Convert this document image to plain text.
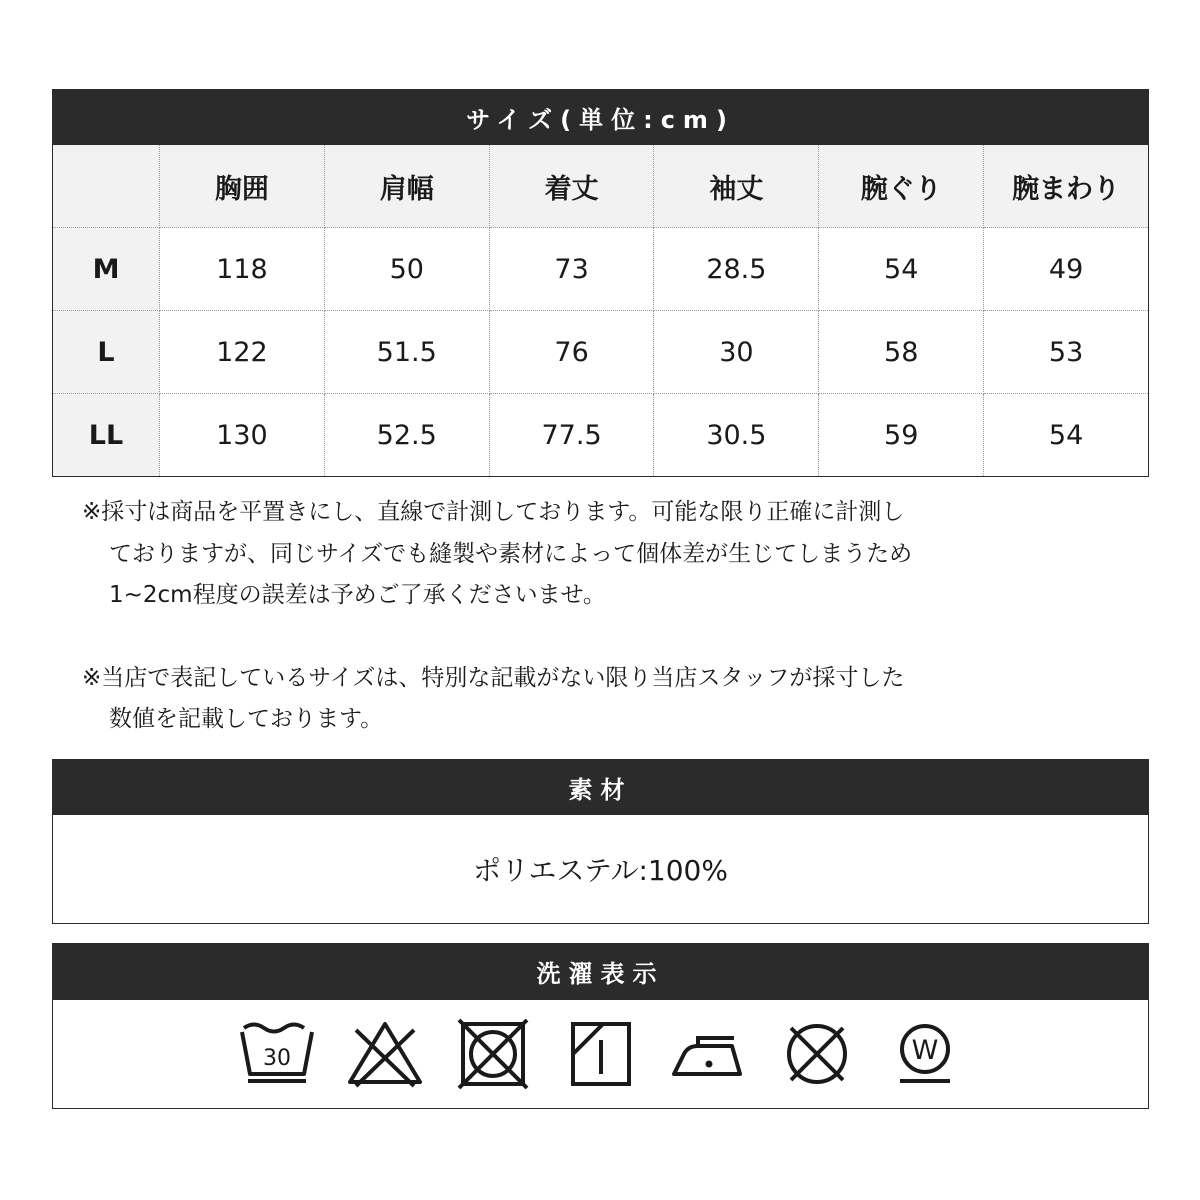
サイズ(単位:cm)
	胸囲	肩幅	着丈	袖丈	腕ぐり	腕まわり
M	118	50	73	28.5	54	49
L	122	51.5	76	30	58	53
LL	130	52.5	77.5	30.5	59	54

※採寸は商品を平置きにし、直線で計測しております。可能な限り正確に計測し
ておりますが、同じサイズでも縫製や素材によって個体差が生じてしまうため
1~2cm程度の誤差は予めご了承くださいませ。

※当店で表記しているサイズは、特別な記載がない限り当店スタッフが採寸した
数値を記載しております。

素材
ポリエステル:100%
洗濯表示
30	W
